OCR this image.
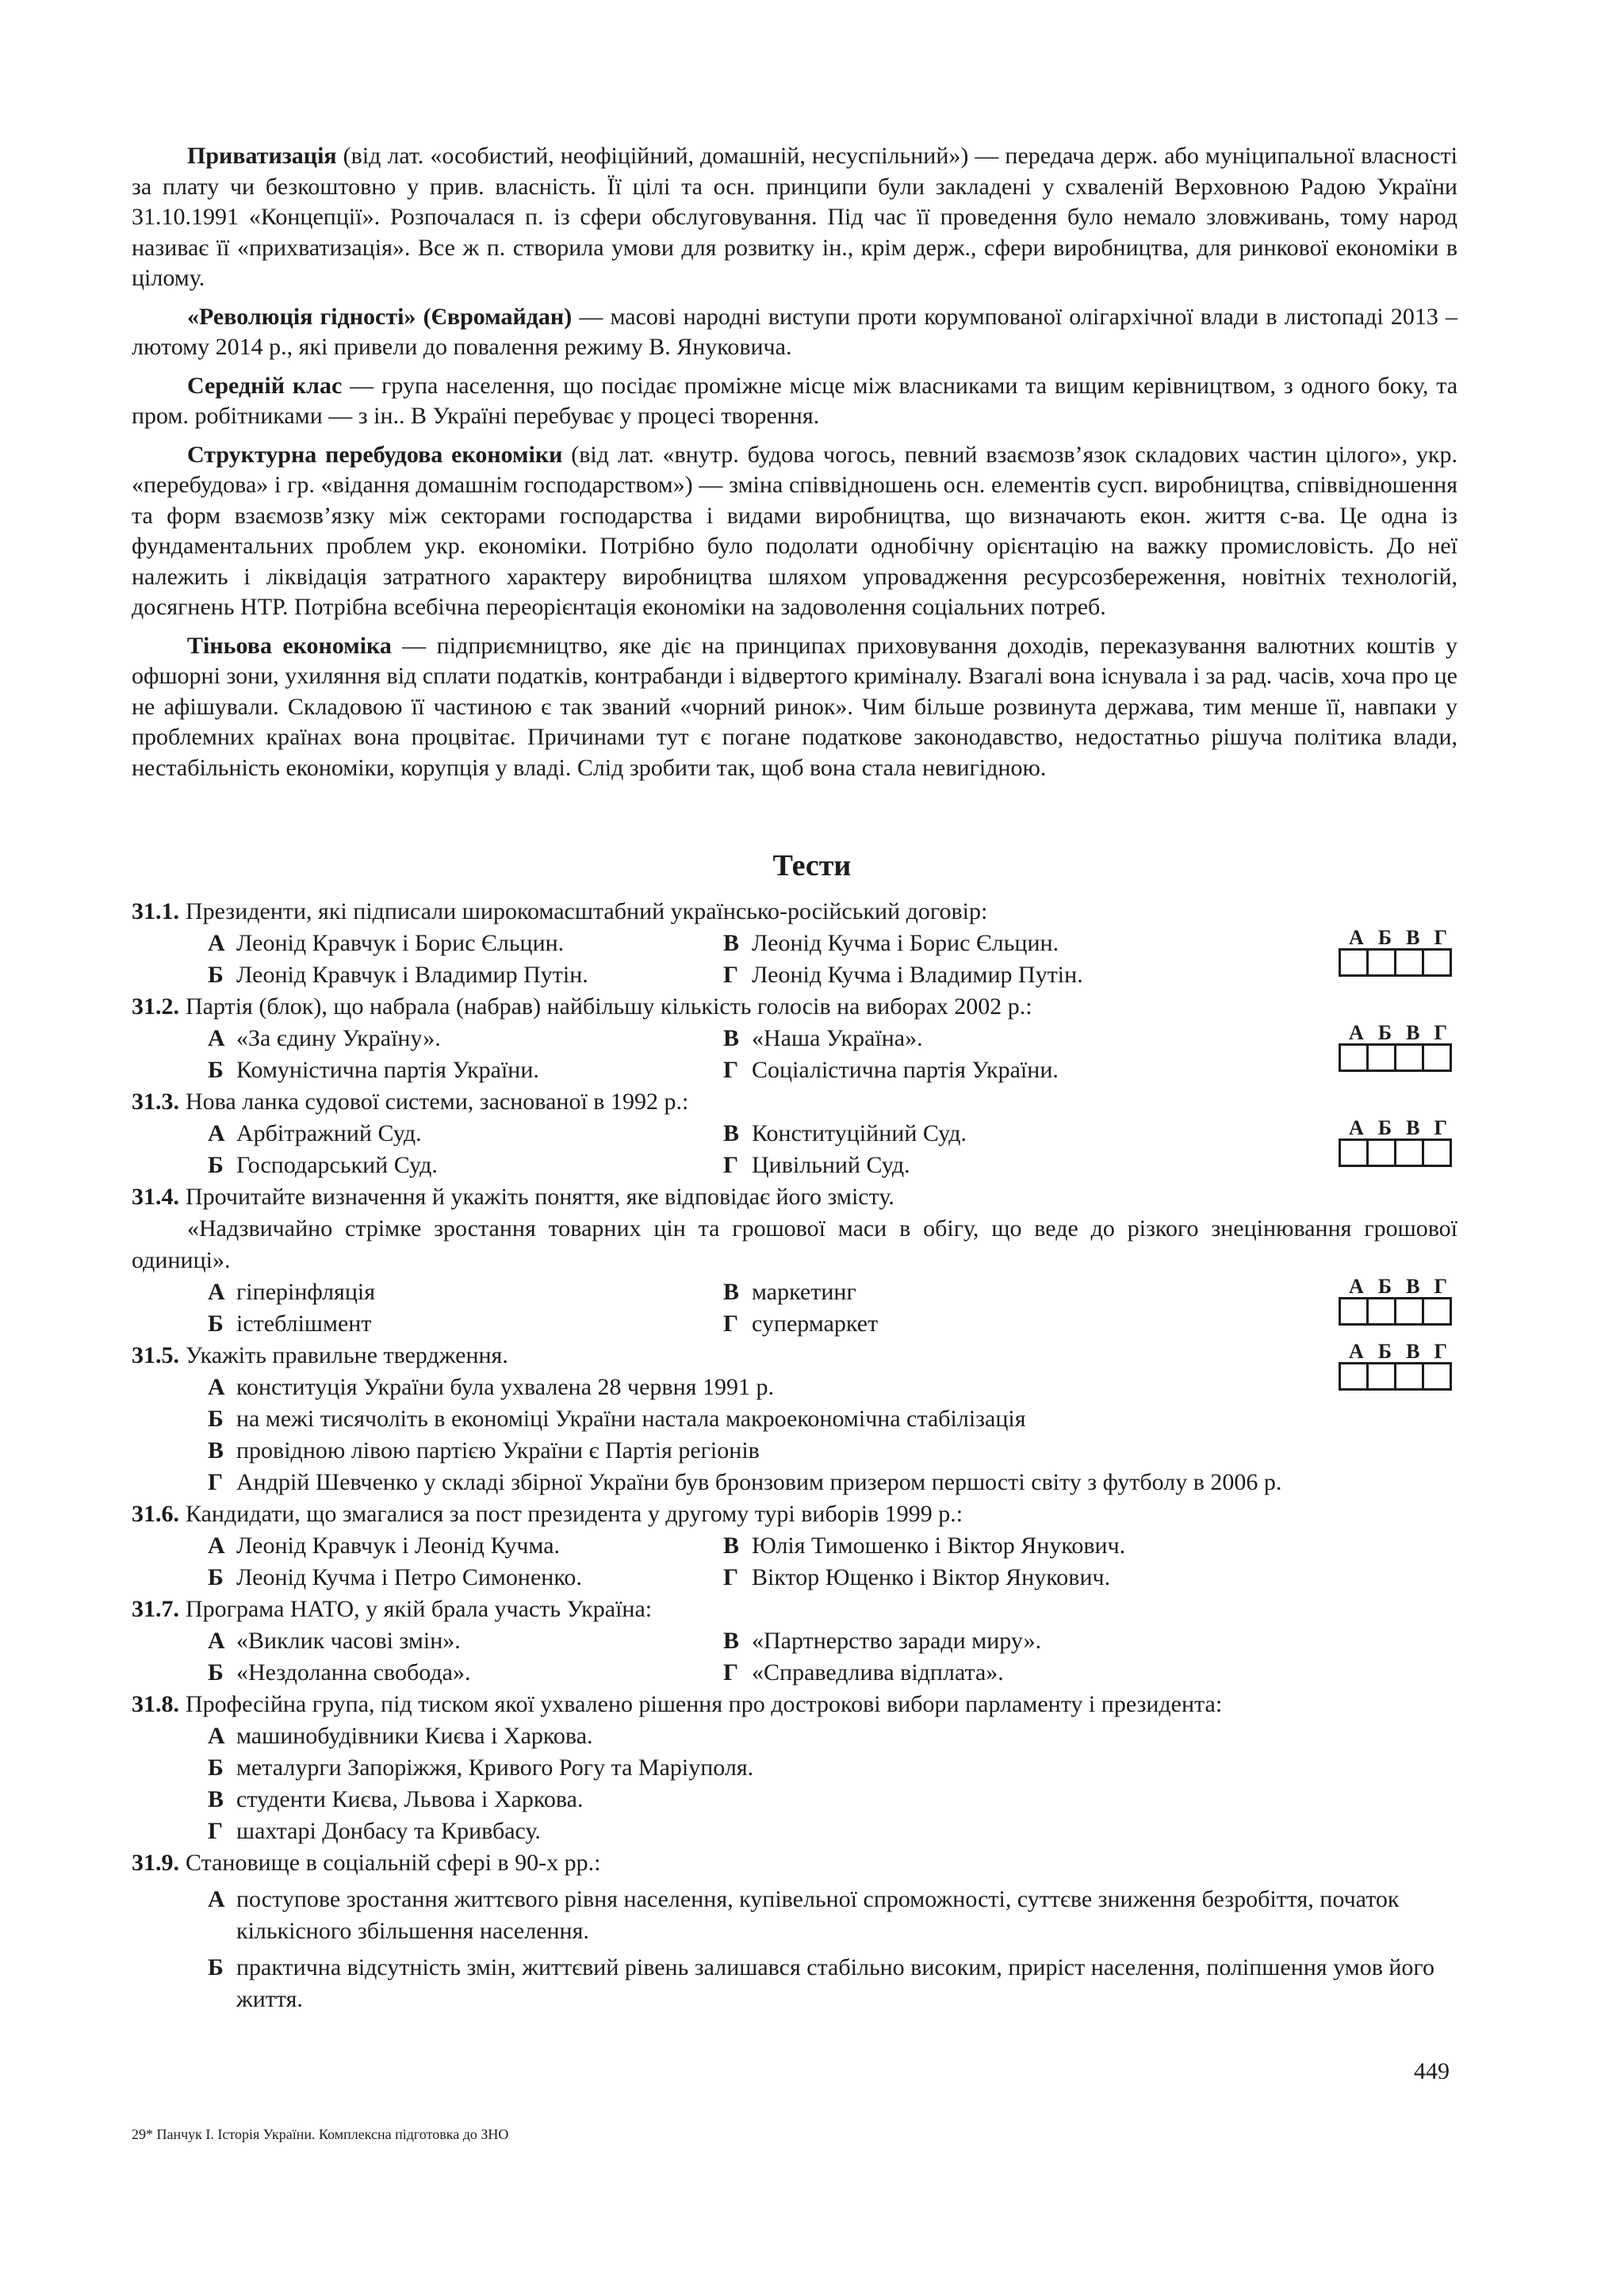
Приватизація (від лат. «особистий, неофіційний, домашній, несуспільний») — передача держ. або муніципальної власності за плату чи безкоштовно у прив. власність. Її цілі та осн. принципи були закладені у схваленій Верховною Радою України 31.10.1991 «Концепції». Розпочалася п. із сфери обслуговування. Під час її проведення було немало зловживань, тому народ називає її «прихватизація». Все ж п. створила умови для розвитку ін., крім держ., сфери виробництва, для ринкової економіки в цілому.

«Революція гідності» (Євромайдан) — масові народні виступи проти корумпованої олігархічної влади в листопаді 2013 – лютому 2014 р., які привели до повалення режиму В. Януковича.

Середній клас — група населення, що посідає проміжне місце між власниками та вищим керівництвом, з одного боку, та пром. робітниками — з ін.. В Україні перебуває у процесі творення.

Структурна перебудова економіки (від лат. «внутр. будова чогось, певний взаємозв’язок складових частин цілого», укр. «перебудова» і гр. «відання домашнім господарством») — зміна співвідношень осн. елементів сусп. виробництва, співвідношення та форм взаємозв’язку між секторами господарства і видами виробництва, що визначають екон. життя с-ва. Це одна із фундаментальних проблем укр. економіки. Потрібно було подолати однобічну орієнтацію на важку промисловість. До неї належить і ліквідація затратного характеру виробництва шляхом упровадження ресурсозбереження, новітніх технологій, досягнень НТР. Потрібна всебічна переорієнтація економіки на задоволення соціальних потреб.

Тіньова економіка — підприємництво, яке діє на принципах приховування доходів, переказування валютних коштів у офшорні зони, ухиляння від сплати податків, контрабанди і відвертого криміналу. Взагалі вона існувала і за рад. часів, хоча про це не афішували. Складовою її частиною є так званий «чорний ринок». Чим більше розвинута держава, тим менше її, навпаки у проблемних країнах вона процвітає. Причинами тут є погане податкове законодавство, недостатньо рішуча політика влади, нестабільність економіки, корупція у владі. Слід зробити так, щоб вона стала невигідною.

Тести
31.1. Президенти, які підписали широкомасштабний українсько-російський договір:
А Леонід Кравчук і Борис Єльцин.	В Леонід Кучма і Борис Єльцин.
Б Леонід Кравчук і Владимир Путін.	Г Леонід Кучма і Владимир Путін.
А Б В Г
31.2. Партія (блок), що набрала (набрав) найбільшу кількість голосів на виборах 2002 р.:
А «За єдину Україну».	В «Наша Україна».
Б Комуністична партія України.	Г Соціалістична партія України.
А Б В Г
31.3. Нова ланка судової системи, заснованої в 1992 р.:
А Арбітражний Суд.	В Конституційний Суд.
Б Господарський Суд.	Г Цивільний Суд.
А Б В Г
31.4. Прочитайте визначення й укажіть поняття, яке відповідає його змісту.
«Надзвичайно стрімке зростання товарних цін та грошової маси в обігу, що веде до різкого знецінювання грошової одиниці».
А гіперінфляція	В маркетинг
Б істеблішмент	Г супермаркет
А Б В Г
31.5. Укажіть правильне твердження.
А конституція України була ухвалена 28 червня 1991 р.
Б на межі тисячоліть в економіці України настала макроекономічна стабілізація
В провідною лівою партією України є Партія регіонів
Г Андрій Шевченко у складі збірної України був бронзовим призером першості світу з футболу в 2006 р.
А Б В Г
31.6. Кандидати, що змагалися за пост президента у другому турі виборів 1999 р.:
А Леонід Кравчук і Леонід Кучма.	В Юлія Тимошенко і Віктор Янукович.
Б Леонід Кучма і Петро Симоненко.	Г Віктор Ющенко і Віктор Янукович.
31.7. Програма НАТО, у якій брала участь Україна:
А «Виклик часові змін».	В «Партнерство заради миру».
Б «Нездоланна свобода».	Г «Справедлива відплата».
31.8. Професійна група, під тиском якої ухвалено рішення про дострокові вибори парламенту і президента:
А машинобудівники Києва і Харкова.
Б металурги Запоріжжя, Кривого Рогу та Маріуполя.
В студенти Києва, Львова і Харкова.
Г шахтарі Донбасу та Кривбасу.
31.9. Становище в соціальній сфері в 90-х рр.:
А поступове зростання життєвого рівня населення, купівельної спроможності, суттєве зниження безробіття, початок кількісного збільшення населення.
Б практична відсутність змін, життєвий рівень залишався стабільно високим, приріст населення, поліпшення умов його життя.
449
29* Панчук І. Історія України. Комплексна підготовка до ЗНО
